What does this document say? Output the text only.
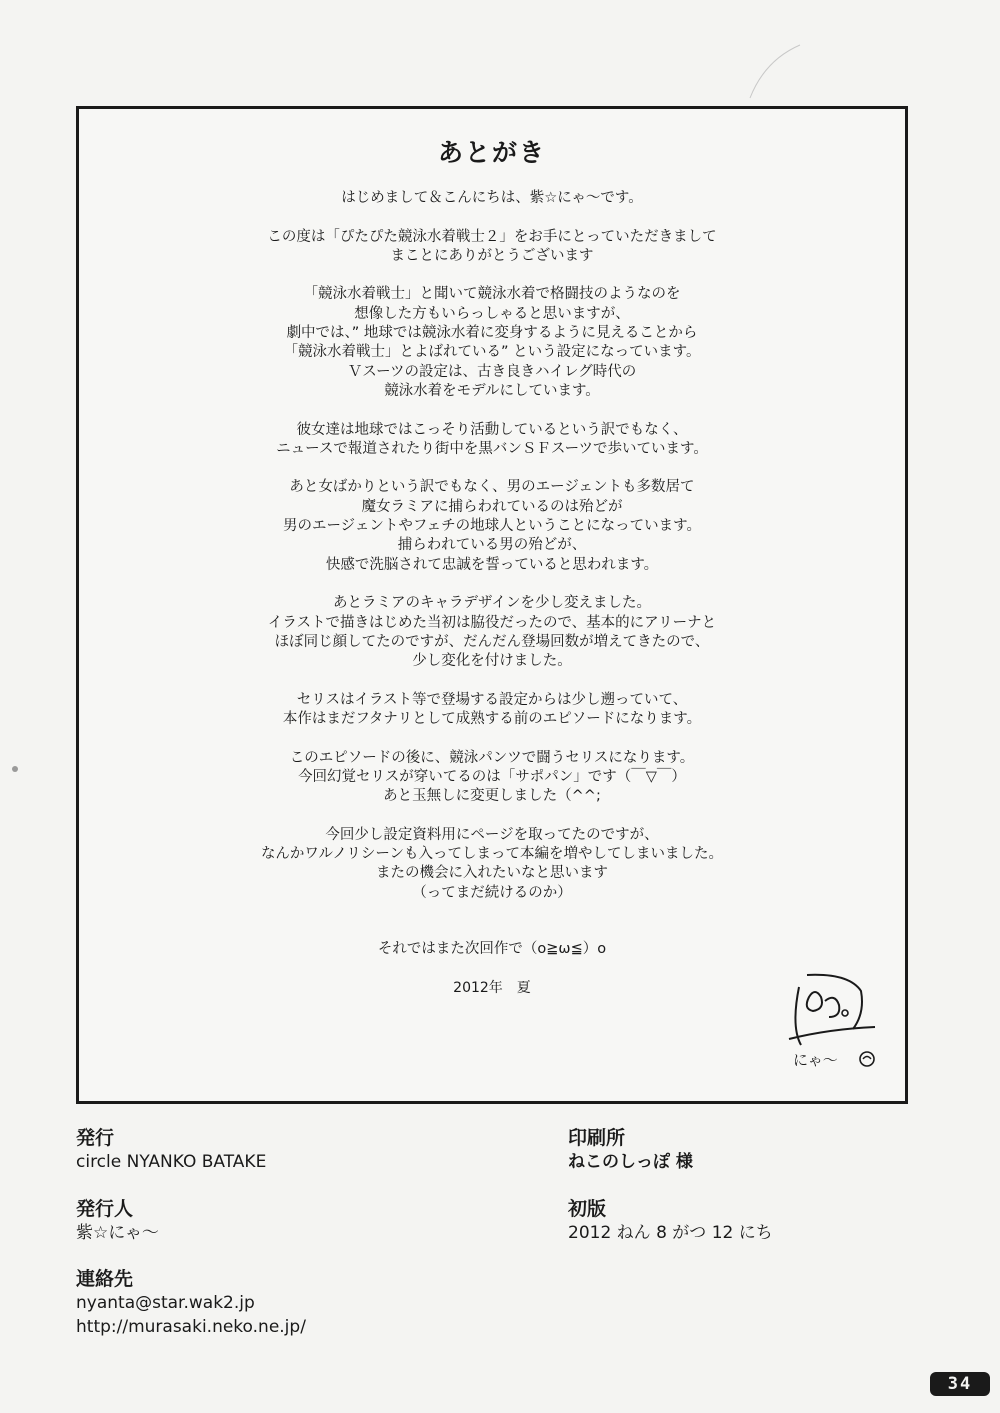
あとがき
はじめまして＆こんにちは、紫☆にゃ～です。
この度は「ぴたぴた競泳水着戦士２」をお手にとっていただきまして
まことにありがとうございます
「競泳水着戦士」と聞いて競泳水着で格闘技のようなのを
想像した方もいらっしゃると思いますが、
劇中では、” 地球では競泳水着に変身するように見えることから
「競泳水着戦士」とよばれている” という設定になっています。
Ｖスーツの設定は、古き良きハイレグ時代の
競泳水着をモデルにしています。
彼女達は地球ではこっそり活動しているという訳でもなく、
ニュースで報道されたり街中を黒バンＳＦスーツで歩いています。
あと女ばかりという訳でもなく、男のエージェントも多数居て
魔女ラミアに捕らわれているのは殆どが
男のエージェントやフェチの地球人ということになっています。
捕らわれている男の殆どが、
快感で洗脳されて忠誠を誓っていると思われます。
あとラミアのキャラデザインを少し変えました。
イラストで描きはじめた当初は脇役だったので、基本的にアリーナと
ほぼ同じ顔してたのですが、だんだん登場回数が増えてきたので、
少し変化を付けました。
セリスはイラスト等で登場する設定からは少し遡っていて、
本作はまだフタナリとして成熟する前のエピソードになります。
このエピソードの後に、競泳パンツで闘うセリスになります。
今回幻覚セリスが穿いてるのは「サポパン」です（￣▽￣）
あと玉無しに変更しました（^^;
今回少し設定資料用にページを取ってたのですが、
なんかワルノリシーンも入ってしまって本編を増やしてしまいました。
またの機会に入れたいなと思います
（ってまだ続けるのか）
それではまた次回作で（o≧ω≦）o
2012年　夏
にゃ～

発行

circle NYANKO BATAKE

発行人

紫☆にゃ～

連絡先

nyanta@star.wak2.jp

http://murasaki.neko.ne.jp/

印刷所

ねこのしっぽ 様

初版

2012 ねん 8 がつ 12 にち

34
